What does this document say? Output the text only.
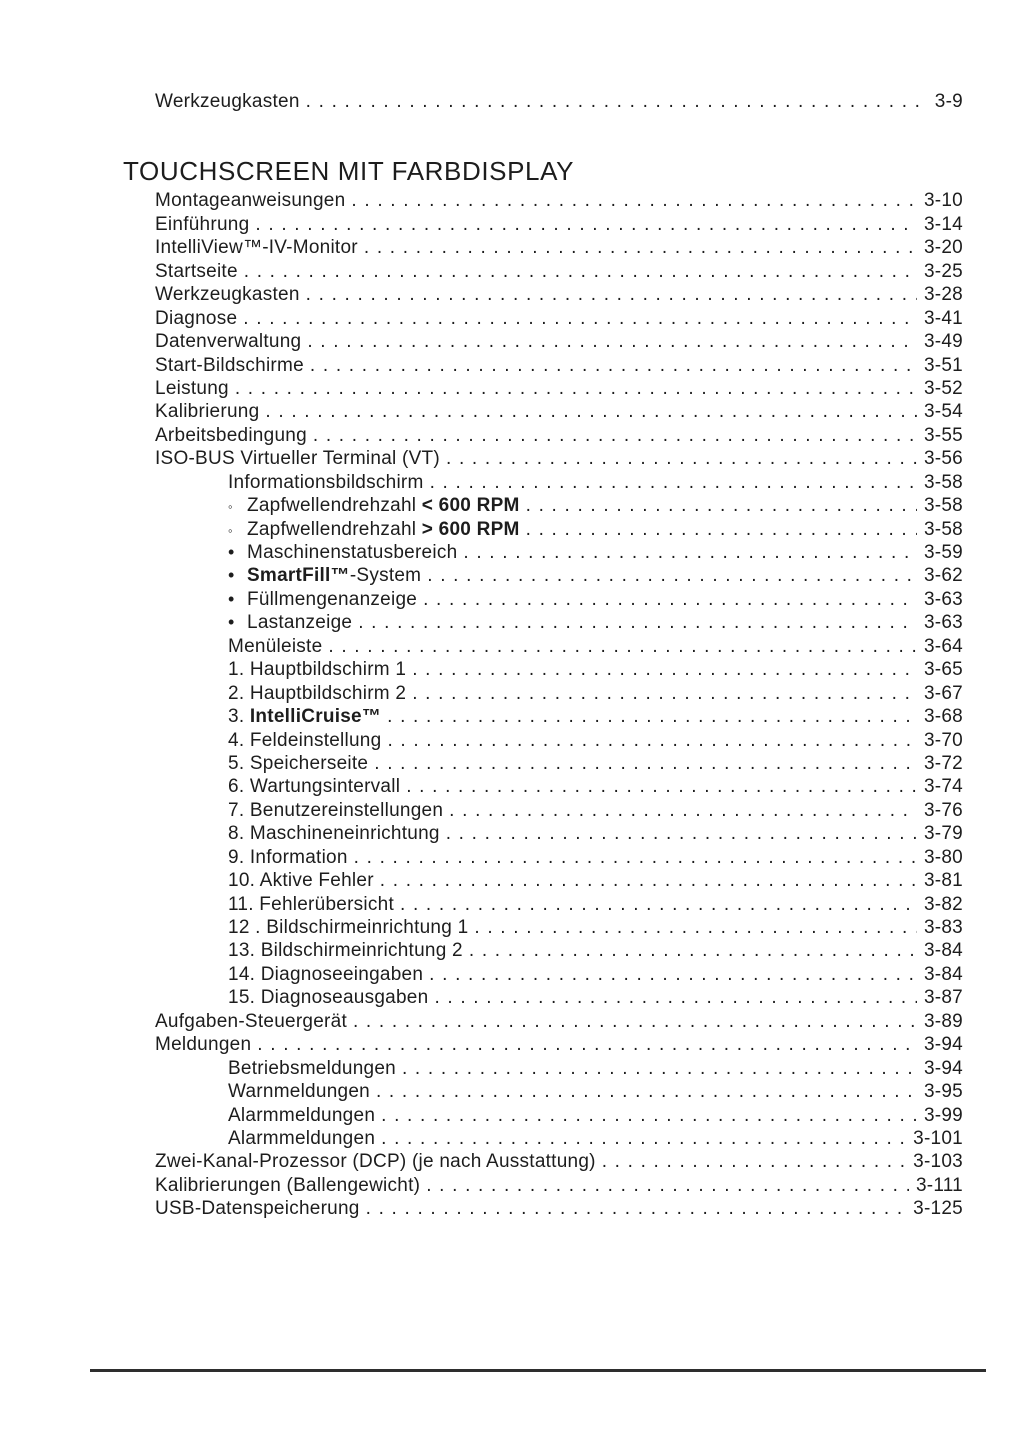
Werkzeugkasten . . .	3-9
TOUCHSCREEN MIT FARBDISPLAY
Montageanweisungen . . .	3-10
Einführung . . .	3-14
IntelliView™-IV-Monitor . . .	3-20
Startseite . . .	3-25
Werkzeugkasten . . .	3-28
Diagnose . . .	3-41
Datenverwaltung . . .	3-49
Start-Bildschirme . . .	3-51
Leistung . . .	3-52
Kalibrierung . . .	3-54
Arbeitsbedingung . . .	3-55
ISO-BUS Virtueller Terminal (VT) . . .	3-56
Informationsbildschirm . . .	3-58
◦ Zapfwellendrehzahl < 600 RPM . . .	3-58
◦ Zapfwellendrehzahl > 600 RPM . . .	3-58
• Maschinenstatusbereich . . .	3-59
• SmartFill™-System . . .	3-62
• Füllmengenanzeige . . .	3-63
• Lastanzeige . . .	3-63
Menüleiste . . .	3-64
1. Hauptbildschirm 1 . . .	3-65
2. Hauptbildschirm 2 . . .	3-67
3. IntelliCruise™ . . .	3-68
4. Feldeinstellung . . .	3-70
5. Speicherseite . . .	3-72
6. Wartungsintervall . . .	3-74
7. Benutzereinstellungen . . .	3-76
8. Maschineneinrichtung . . .	3-79
9. Information . . .	3-80
10. Aktive Fehler . . .	3-81
11. Fehlerübersicht . . .	3-82
12 . Bildschirmeinrichtung 1 . . .	3-83
13. Bildschirmeinrichtung 2 . . .	3-84
14. Diagnoseeingaben . . .	3-84
15. Diagnoseausgaben . . .	3-87
Aufgaben-Steuergerät . . .	3-89
Meldungen . . .	3-94
Betriebsmeldungen . . .	3-94
Warnmeldungen . . .	3-95
Alarmmeldungen . . .	3-99
Alarmmeldungen . . .	3-101
Zwei-Kanal-Prozessor (DCP) (je nach Ausstattung) . . .	3-103
Kalibrierungen (Ballengewicht) . . .	3-111
USB-Datenspeicherung . . .	3-125
